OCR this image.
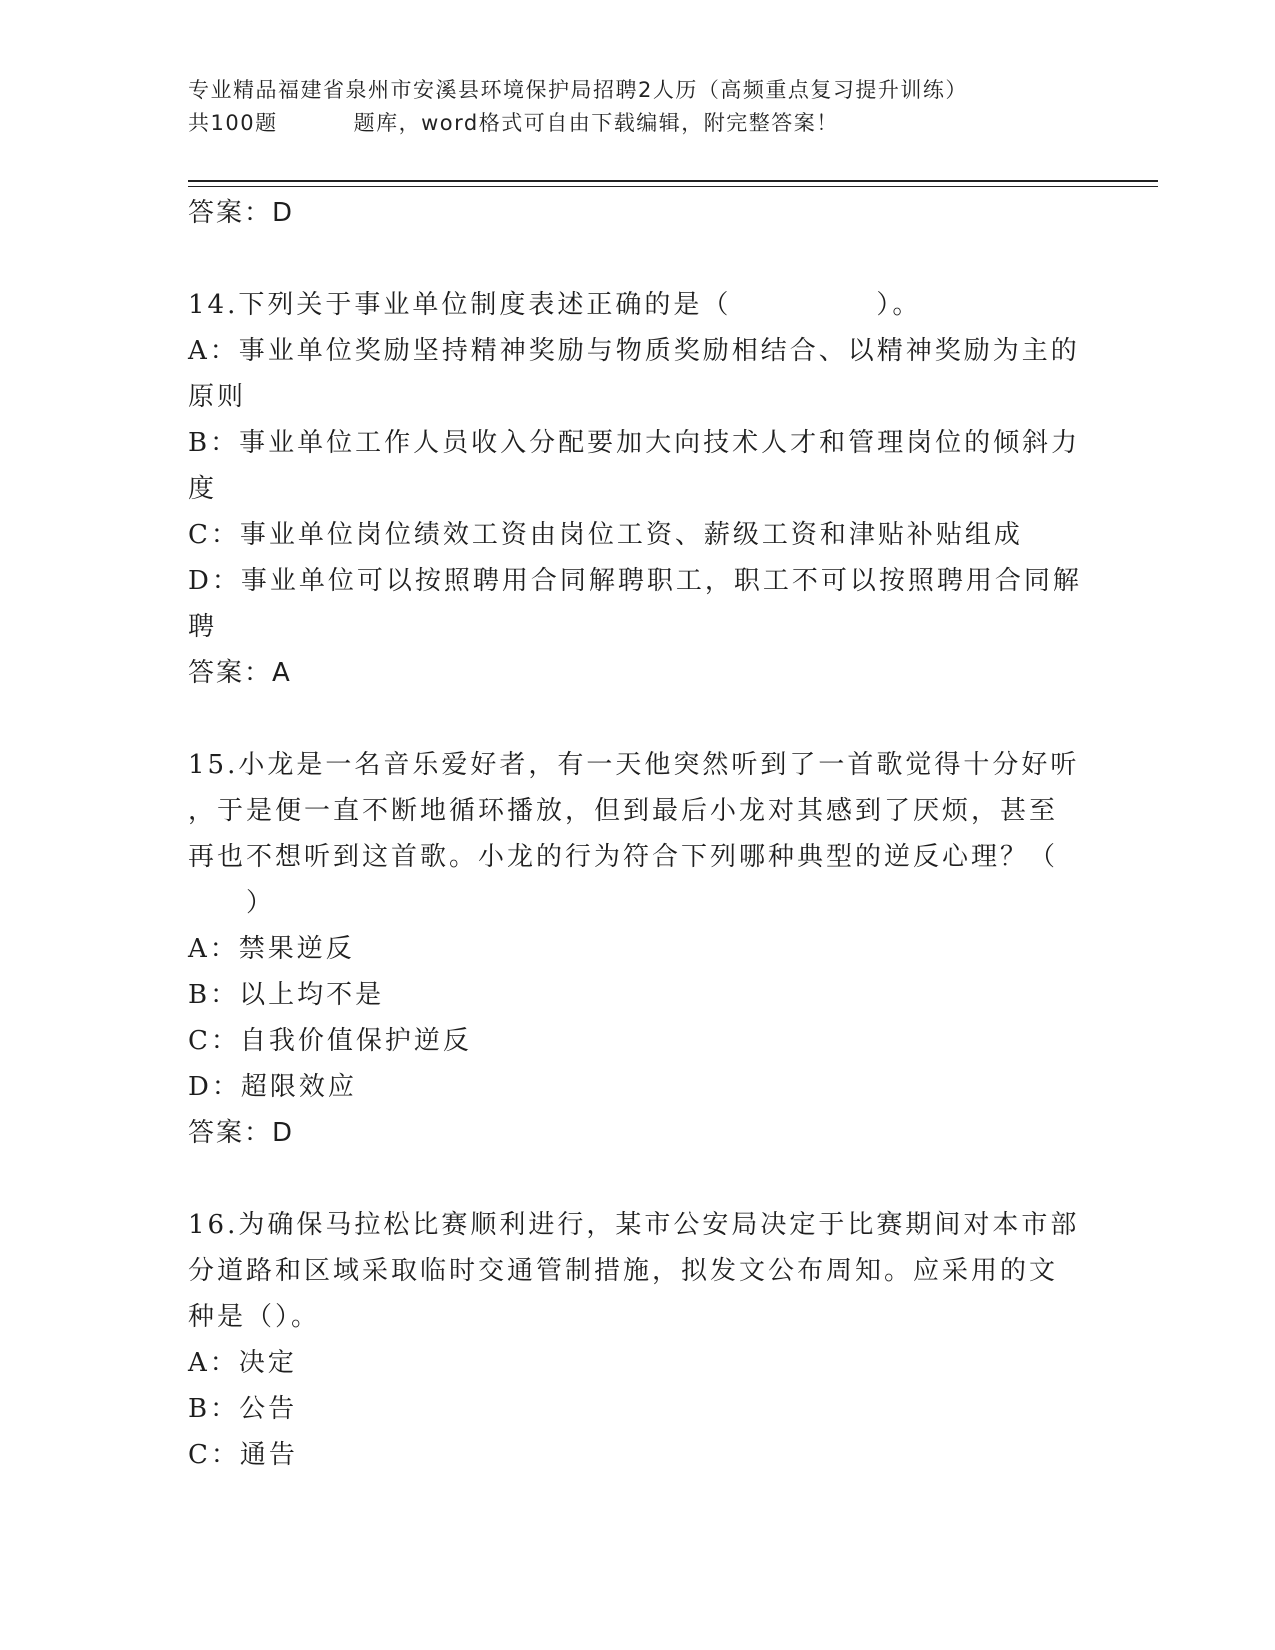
专业精品福建省泉州市安溪县环境保护局招聘2人历（高频重点复习提升训练）
共100题	题库，word格式可自由下载编辑，附完整答案！
答案：D
14.下列关于事业单位制度表述正确的是（　　　　　）。
A：事业单位奖励坚持精神奖励与物质奖励相结合、以精神奖励为主的
原则
B：事业单位工作人员收入分配要加大向技术人才和管理岗位的倾斜力
度
C：事业单位岗位绩效工资由岗位工资、薪级工资和津贴补贴组成
D：事业单位可以按照聘用合同解聘职工，职工不可以按照聘用合同解
聘
答案：A
15.小龙是一名音乐爱好者，有一天他突然听到了一首歌觉得十分好听
，于是便一直不断地循环播放，但到最后小龙对其感到了厌烦，甚至
再也不想听到这首歌。小龙的行为符合下列哪种典型的逆反心理？（
　　）
A：禁果逆反
B：以上均不是
C：自我价值保护逆反
D：超限效应
答案：D
16.为确保马拉松比赛顺利进行，某市公安局决定于比赛期间对本市部
分道路和区域采取临时交通管制措施，拟发文公布周知。应采用的文
种是（）。
A：决定
B：公告
C：通告
